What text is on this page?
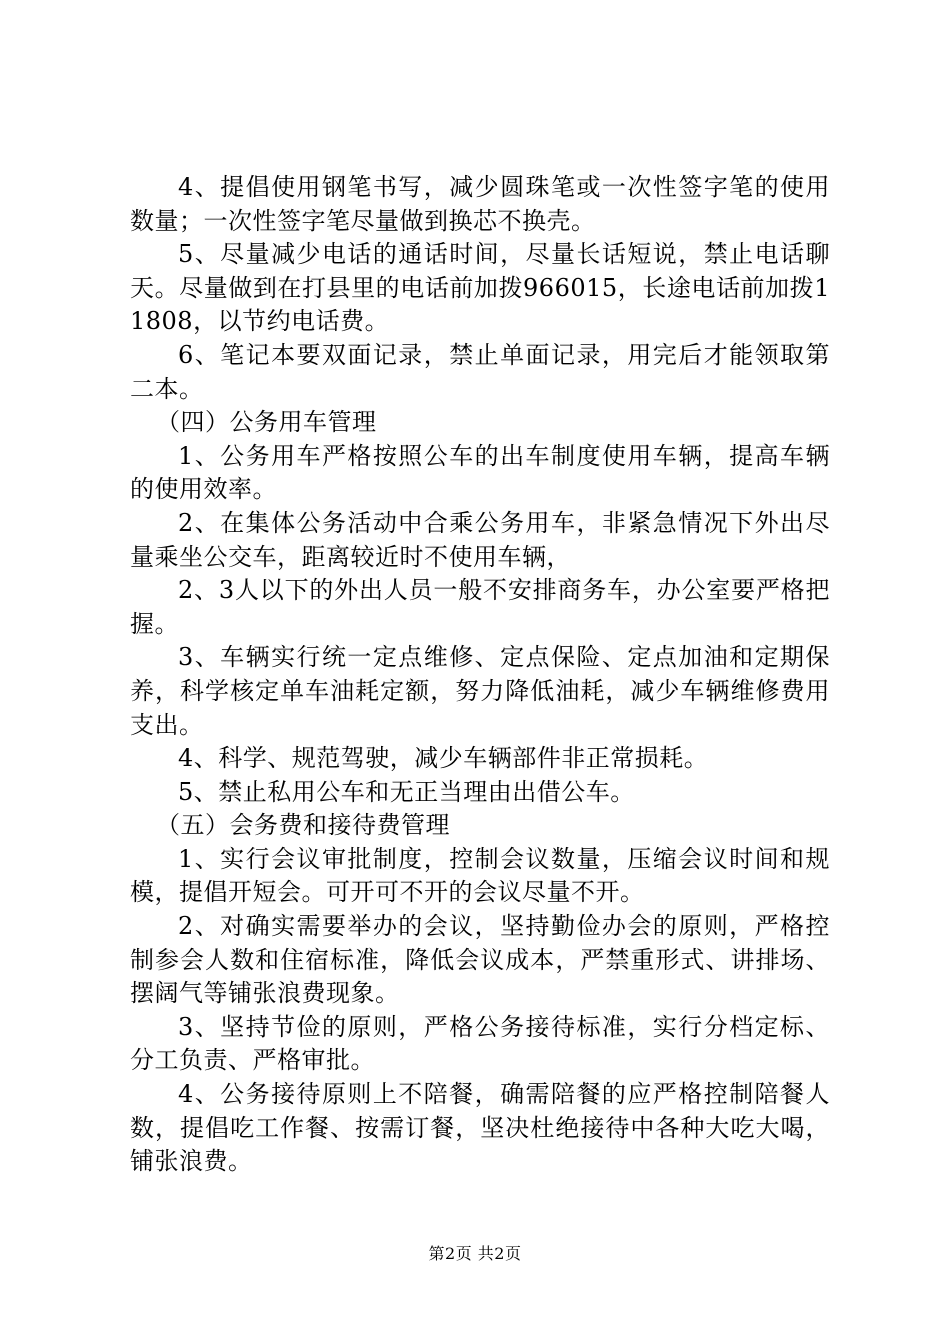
4、提倡使用钢笔书写，减少圆珠笔或一次性签字笔的使用数量；一次性签字笔尽量做到换芯不换壳。

5、尽量减少电话的通话时间，尽量长话短说，禁止电话聊天。尽量做到在打县里的电话前加拨966015，长途电话前加拨11808，以节约电话费。

6、笔记本要双面记录，禁止单面记录，用完后才能领取第二本。

（四）公务用车管理

1、公务用车严格按照公车的出车制度使用车辆，提高车辆的使用效率。

2、在集体公务活动中合乘公务用车，非紧急情况下外出尽量乘坐公交车，距离较近时不使用车辆，

2、3人以下的外出人员一般不安排商务车，办公室要严格把握。

3、车辆实行统一定点维修、定点保险、定点加油和定期保养，科学核定单车油耗定额，努力降低油耗，减少车辆维修费用支出。

4、科学、规范驾驶，减少车辆部件非正常损耗。

5、禁止私用公车和无正当理由出借公车。

（五）会务费和接待费管理

1、实行会议审批制度，控制会议数量，压缩会议时间和规模，提倡开短会。可开可不开的会议尽量不开。

2、对确实需要举办的会议，坚持勤俭办会的原则，严格控制参会人数和住宿标准，降低会议成本，严禁重形式、讲排场、摆阔气等铺张浪费现象。

3、坚持节俭的原则，严格公务接待标准，实行分档定标、分工负责、严格审批。

4、公务接待原则上不陪餐，确需陪餐的应严格控制陪餐人数，提倡吃工作餐、按需订餐，坚决杜绝接待中各种大吃大喝，铺张浪费。

第2页 共2页
